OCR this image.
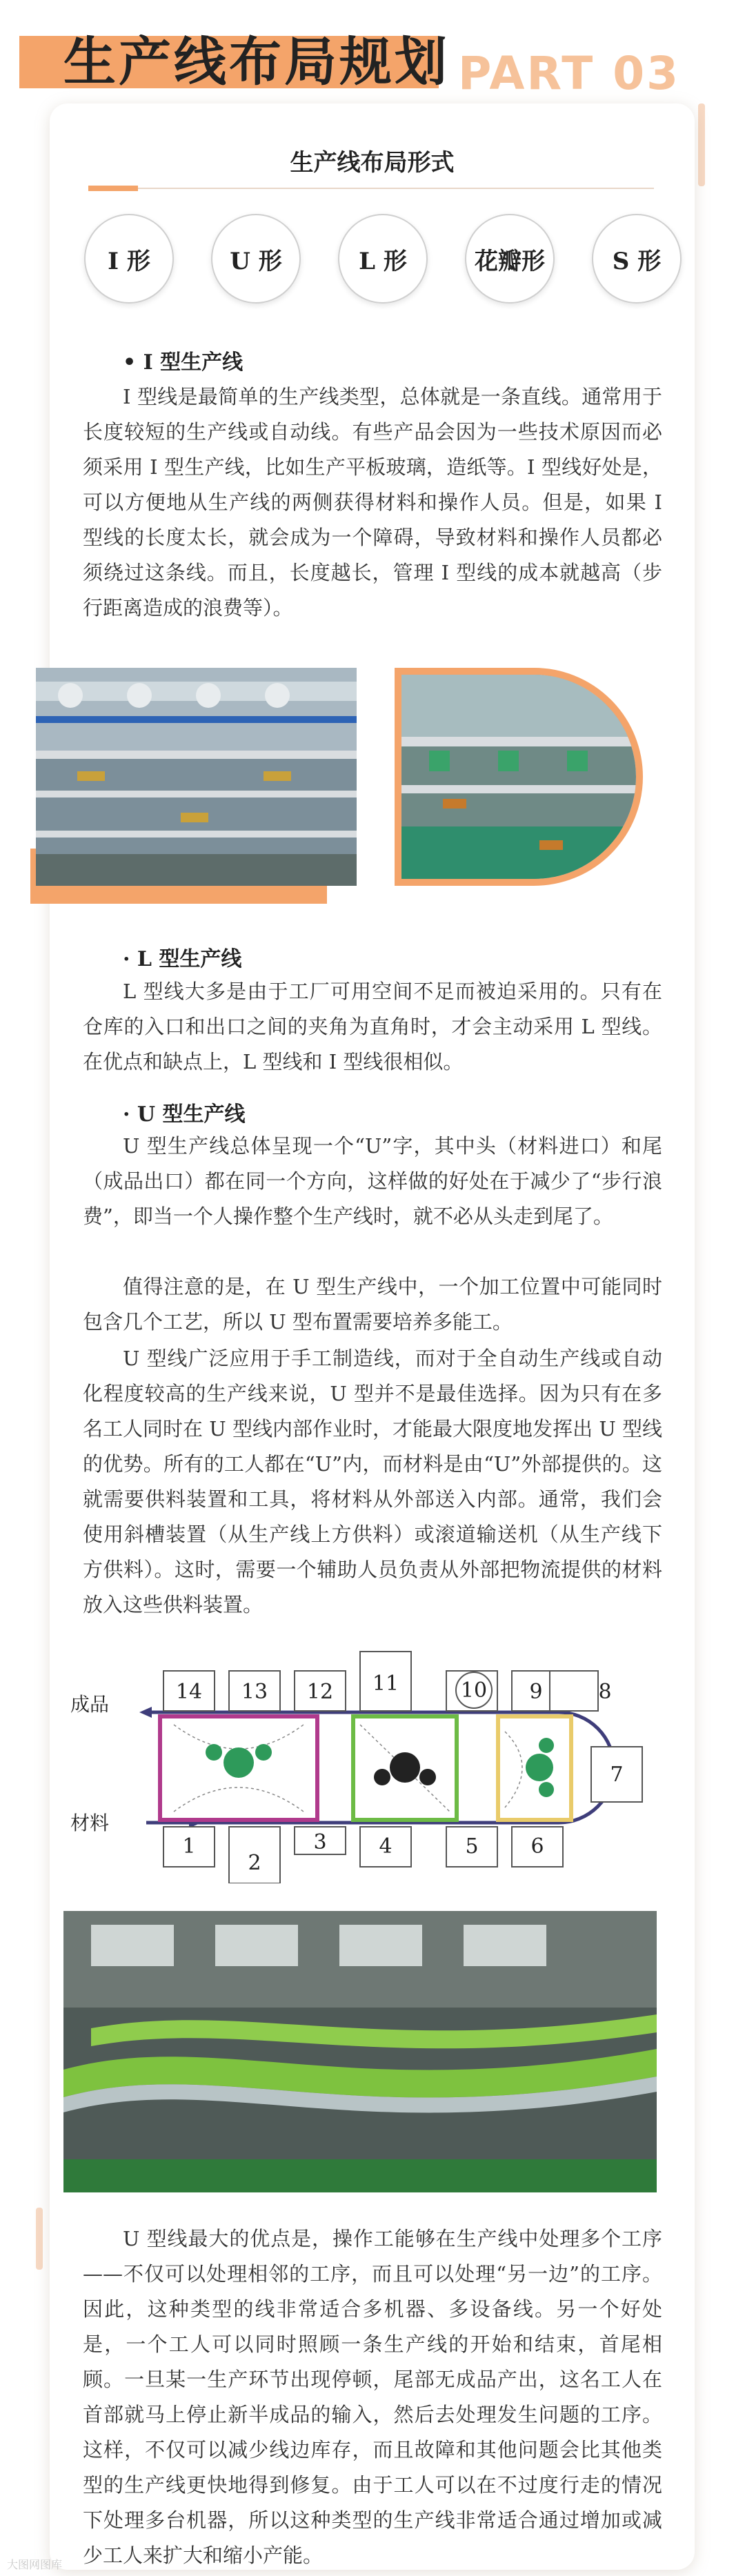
生产线布局规划 PART 03
生产线布局形式
I 形	U 形	L 形	花瓣形	S 形
• I 型生产线

I 型线是最简单的生产线类型，总体就是一条直线。通常用于长度较短的生产线或自动线。有些产品会因为一些技术原因而必须采用 I 型生产线，比如生产平板玻璃，造纸等。I 型线好处是，可以方便地从生产线的两侧获得材料和操作人员。但是，如果 I 型线的长度太长，就会成为一个障碍，导致材料和操作人员都必须绕过这条线。而且，长度越长，管理 I 型线的成本就越高（步行距离造成的浪费等）。

· L 型生产线

L 型线大多是由于工厂可用空间不足而被迫采用的。只有在仓库的入口和出口之间的夹角为直角时，才会主动采用 L 型线。在优点和缺点上，L 型线和 I 型线很相似。

· U 型生产线

U 型生产线总体呈现一个“U”字，其中头（材料进口）和尾（成品出口）都在同一个方向，这样做的好处在于减少了“步行浪费”，即当一个人操作整个生产线时，就不必从头走到尾了。

值得注意的是，在 U 型生产线中，一个加工位置中可能同时包含几个工艺，所以 U 型布置需要培养多能工。

U 型线广泛应用于手工制造线，而对于全自动生产线或自动化程度较高的生产线来说，U 型并不是最佳选择。因为只有在多名工人同时在 U 型线内部作业时，才能最大限度地发挥出 U 型线的优势。所有的工人都在“U”内，而材料是由“U”外部提供的。这就需要供料装置和工具，将材料从外部送入内部。通常，我们会使用斜槽装置（从生产线上方供料）或滚道输送机（从生产线下方供料）。这时，需要一个辅助人员负责从外部把物流提供的材料放入这些供料装置。

成品
材料
14 13 12 11	10 9	8
7
1
2
3	4	5	6

U 型线最大的优点是，操作工能够在生产线中处理多个工序——不仅可以处理相邻的工序，而且可以处理“另一边”的工序。因此，这种类型的线非常适合多机器、多设备线。另一个好处是，一个工人可以同时照顾一条生产线的开始和结束，首尾相顾。一旦某一生产环节出现停顿，尾部无成品产出，这名工人在首部就马上停止新半成品的输入，然后去处理发生问题的工序。这样，不仅可以减少线边库存，而且故障和其他问题会比其他类型的生产线更快地得到修复。由于工人可以在不过度行走的情况下处理多台机器，所以这种类型的生产线非常适合通过增加或减少工人来扩大和缩小产能。

大图网图库
